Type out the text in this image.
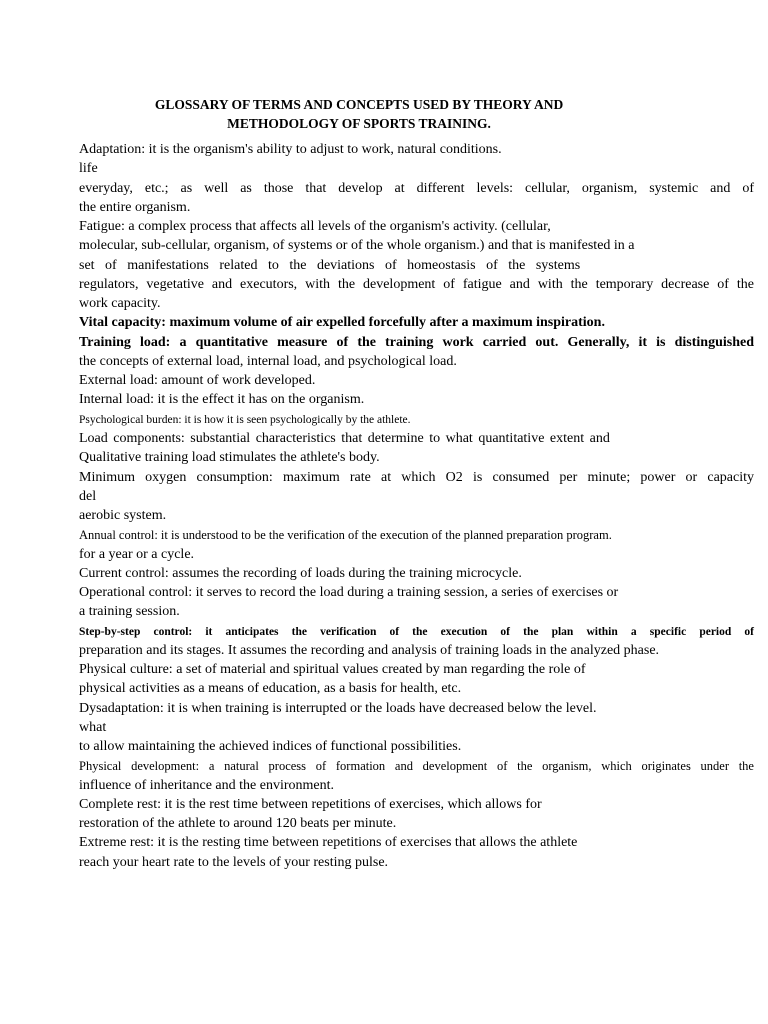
GLOSSARY OF TERMS AND CONCEPTS USED BY THEORY AND
METHODOLOGY OF SPORTS TRAINING.
Adaptation: it is the organism's ability to adjust to work, natural conditions.
life
everyday, etc.; as well as those that develop at different levels: cellular, organism, systemic and of
the entire organism.
Fatigue: a complex process that affects all levels of the organism's activity. (cellular,
molecular, sub-cellular, organism, of systems or of the whole organism.) and that is manifested in a
set of manifestations related to the deviations of homeostasis of the systems
regulators, vegetative and executors, with the development of fatigue and with the temporary decrease of the
work capacity.
Vital capacity: maximum volume of air expelled forcefully after a maximum inspiration.
Training load: a quantitative measure of the training work carried out. Generally, it is distinguished
the concepts of external load, internal load, and psychological load.
External load: amount of work developed.
Internal load: it is the effect it has on the organism.
Psychological burden: it is how it is seen psychologically by the athlete.
Load components: substantial characteristics that determine to what quantitative extent and
Qualitative training load stimulates the athlete's body.
Minimum oxygen consumption: maximum rate at which O2 is consumed per minute; power or capacity
del
aerobic system.
Annual control: it is understood to be the verification of the execution of the planned preparation program.
for a year or a cycle.
Current control: assumes the recording of loads during the training microcycle.
Operational control: it serves to record the load during a training session, a series of exercises or
a training session.
Step-by-step control: it anticipates the verification of the execution of the plan within a specific period of
preparation and its stages. It assumes the recording and analysis of training loads in the analyzed phase.
Physical culture: a set of material and spiritual values created by man regarding the role of
physical activities as a means of education, as a basis for health, etc.
Dysadaptation: it is when training is interrupted or the loads have decreased below the level.
what
to allow maintaining the achieved indices of functional possibilities.
Physical development: a natural process of formation and development of the organism, which originates under the
influence of inheritance and the environment.
Complete rest: it is the rest time between repetitions of exercises, which allows for
restoration of the athlete to around 120 beats per minute.
Extreme rest: it is the resting time between repetitions of exercises that allows the athlete
reach your heart rate to the levels of your resting pulse.
